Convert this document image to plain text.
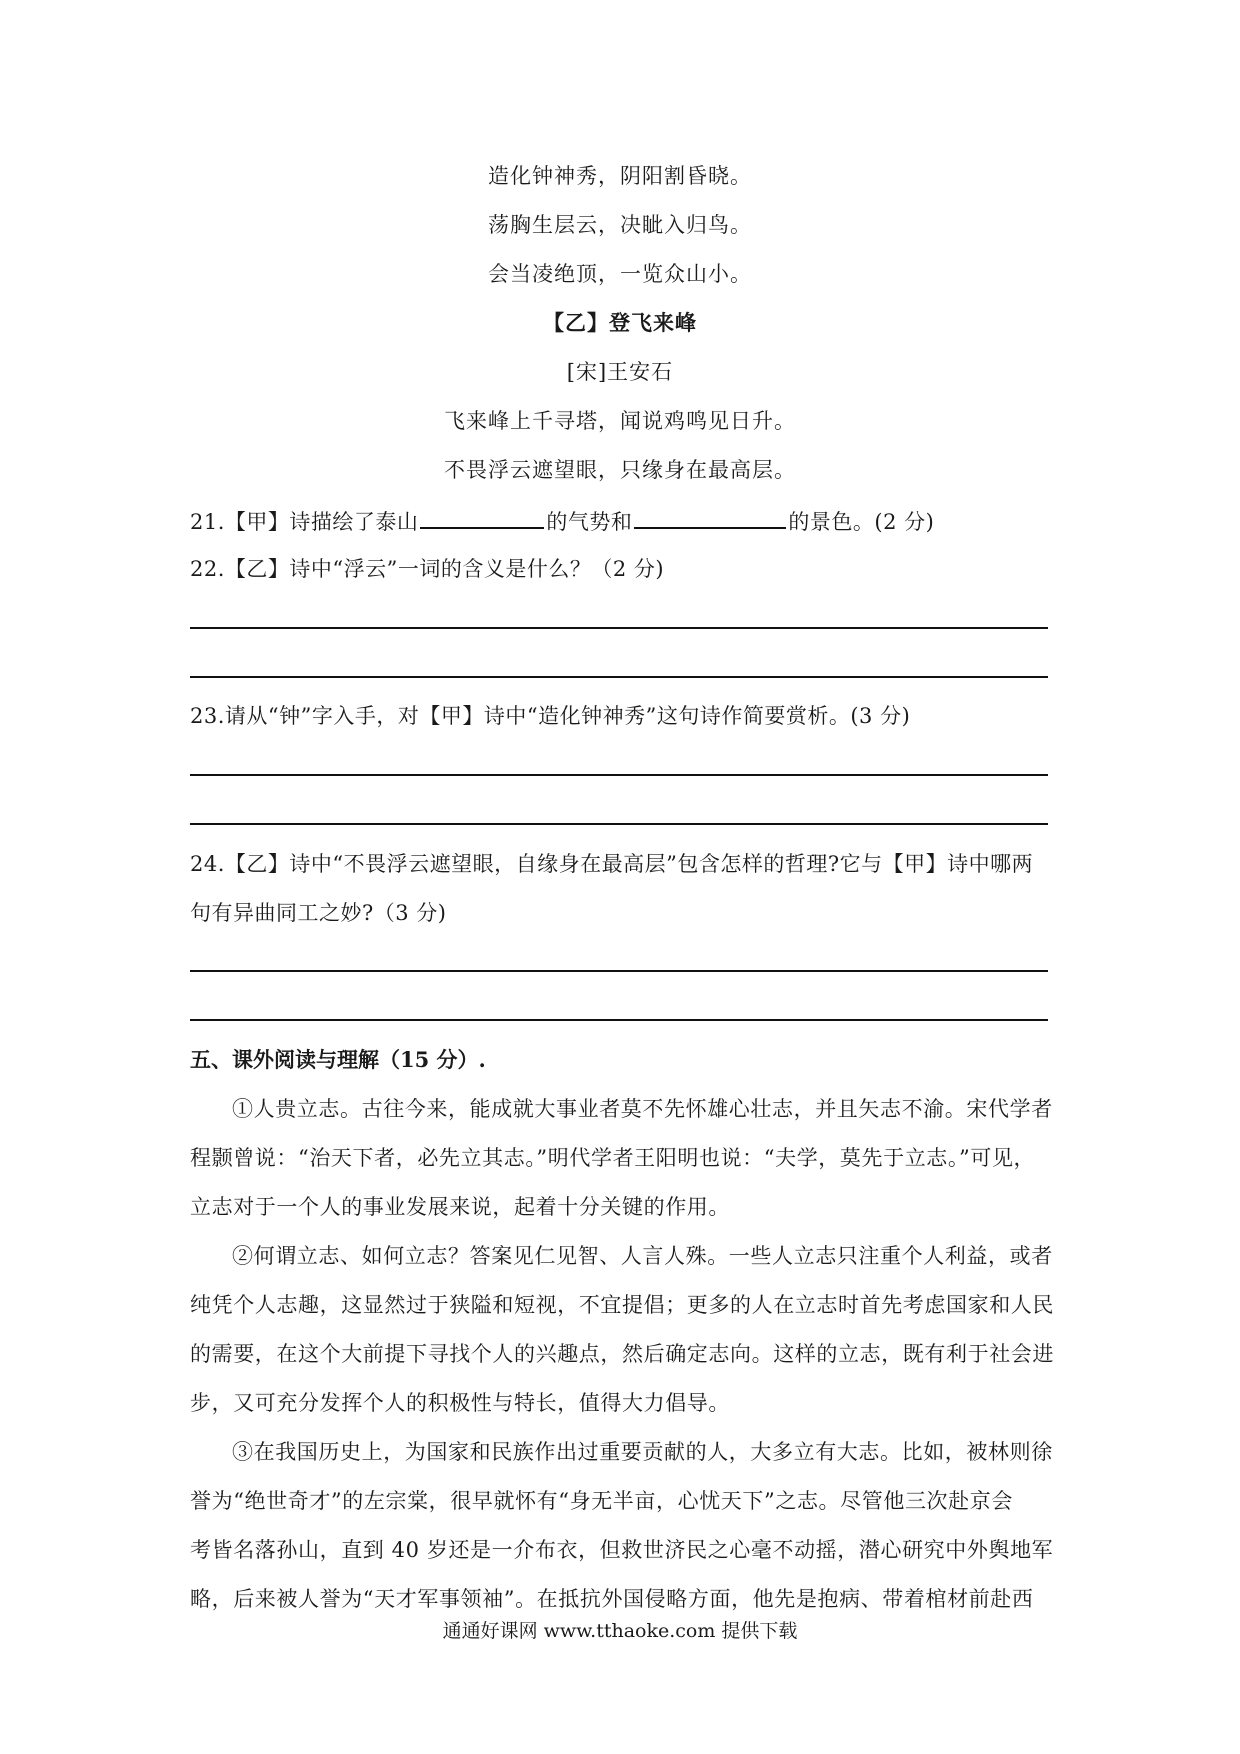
造化钟神秀，阴阳割昏晓。
荡胸生层云，决眦入归鸟。
会当凌绝顶，一览众山小。
【乙】登飞来峰
[宋]王安石
飞来峰上千寻塔，闻说鸡鸣见日升。
不畏浮云遮望眼，只缘身在最高层。
21.【甲】诗描绘了泰山	的气势和	的景色。(2 分)
22.【乙】诗中“浮云”一词的含义是什么？（2 分)
23.请从“钟”字入手，对【甲】诗中“造化钟神秀”这句诗作简要赏析。(3 分)
24.【乙】诗中“不畏浮云遮望眼，自缘身在最高层”包含怎样的哲理?它与【甲】诗中哪两
句有异曲同工之妙?（3 分)
五、课外阅读与理解（15 分）.
①人贵立志。古往今来，能成就大事业者莫不先怀雄心壮志，并且矢志不渝。宋代学者
程颢曾说：“治天下者，必先立其志。”明代学者王阳明也说：“夫学，莫先于立志。”可见，
立志对于一个人的事业发展来说，起着十分关键的作用。
②何谓立志、如何立志？答案见仁见智、人言人殊。一些人立志只注重个人利益，或者
纯凭个人志趣，这显然过于狭隘和短视，不宜提倡；更多的人在立志时首先考虑国家和人民
的需要，在这个大前提下寻找个人的兴趣点，然后确定志向。这样的立志，既有利于社会进
步，又可充分发挥个人的积极性与特长，值得大力倡导。
③在我国历史上，为国家和民族作出过重要贡献的人，大多立有大志。比如，被林则徐
誉为“绝世奇才”的左宗棠，很早就怀有“身无半亩，心忧天下”之志。尽管他三次赴京会
考皆名落孙山，直到 40 岁还是一介布衣，但救世济民之心毫不动摇，潜心研究中外舆地军
略，后来被人誉为“天才军事领袖”。在抵抗外国侵略方面，他先是抱病、带着棺材前赴西
通通好课网 www.tthaoke.com 提供下载
